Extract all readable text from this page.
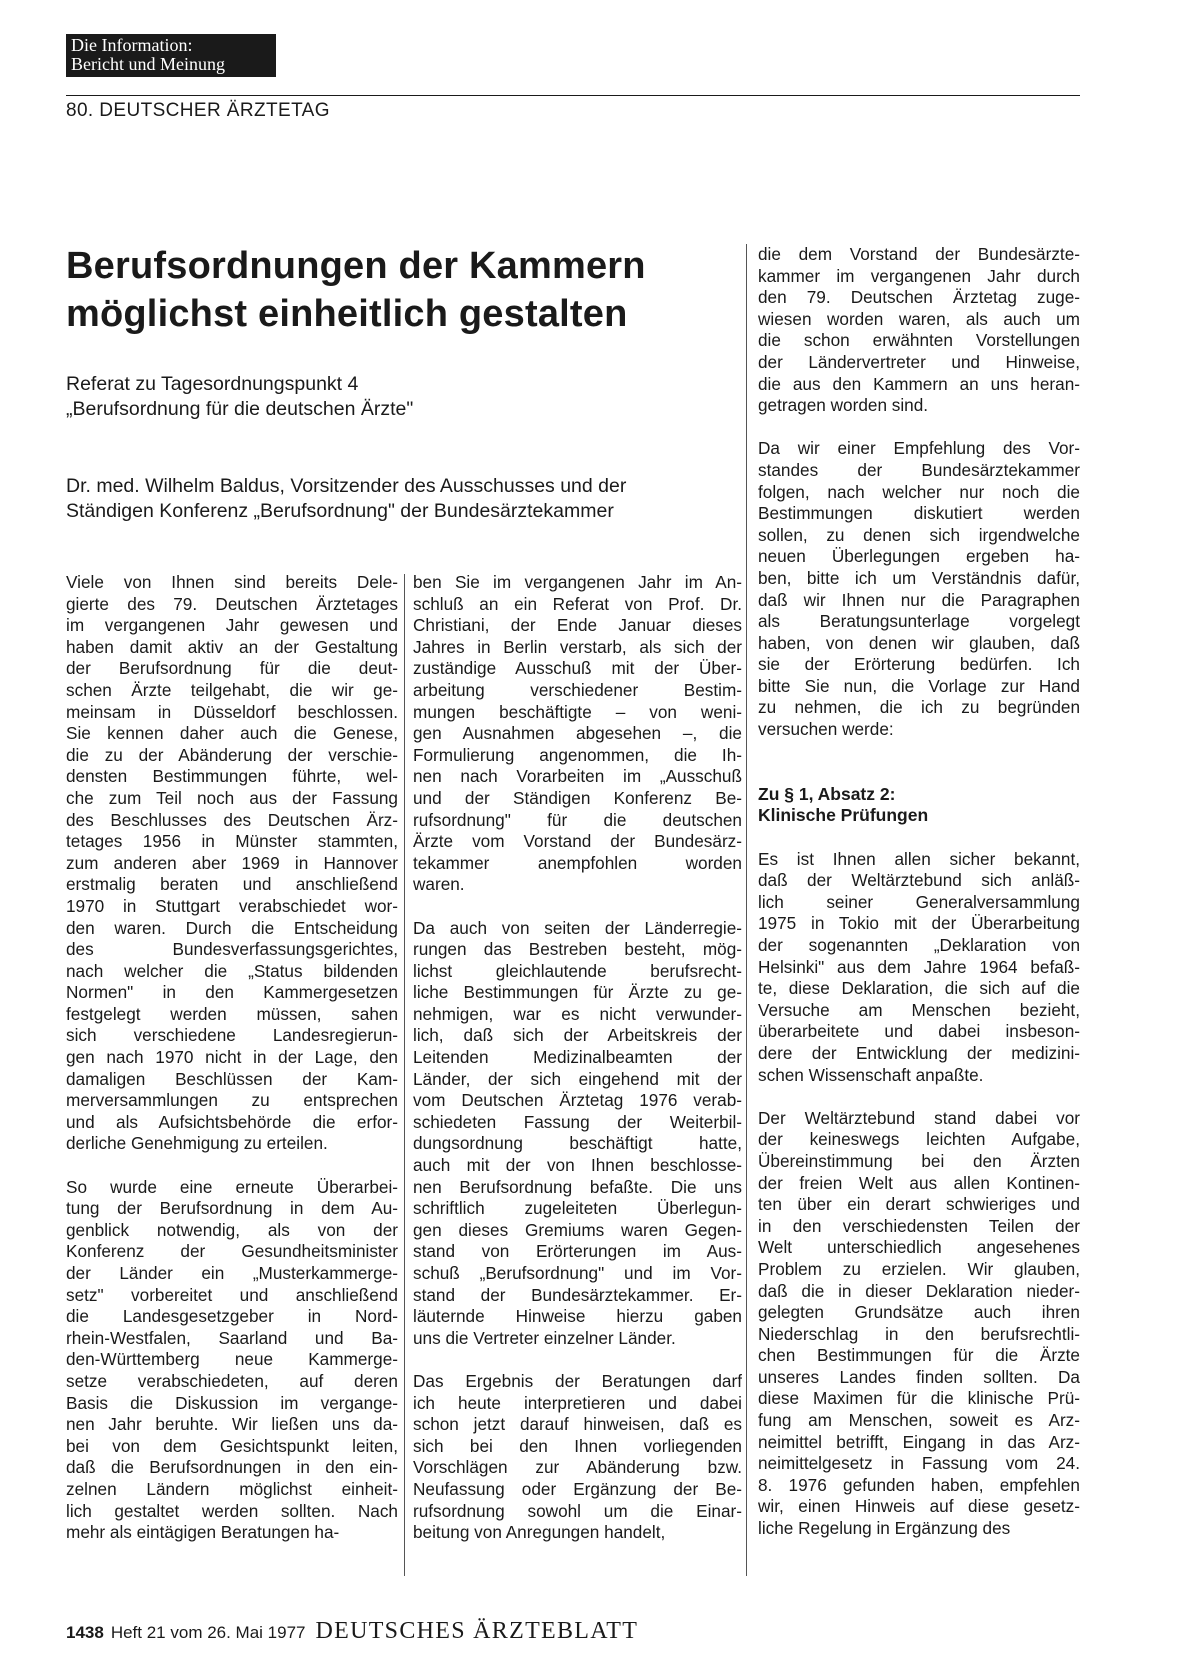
Die Information:
Bericht und Meinung
80. DEUTSCHER ÄRZTETAG
Berufsordnungen der Kammern
möglichst einheitlich gestalten
Referat zu Tagesordnungspunkt 4
„Berufsordnung für die deutschen Ärzte"
Dr. med. Wilhelm Baldus, Vorsitzender des Ausschusses und der
Ständigen Konferenz „Berufsordnung" der Bundesärztekammer
Viele von Ihnen sind bereits Dele-
gierte des 79. Deutschen Ärztetages
im vergangenen Jahr gewesen und
haben damit aktiv an der Gestaltung
der Berufsordnung für die deut-
schen Ärzte teilgehabt, die wir ge-
meinsam in Düsseldorf beschlossen.
Sie kennen daher auch die Genese,
die zu der Abänderung der verschie-
densten Bestimmungen führte, wel-
che zum Teil noch aus der Fassung
des Beschlusses des Deutschen Ärz-
tetages 1956 in Münster stammten,
zum anderen aber 1969 in Hannover
erstmalig beraten und anschließend
1970 in Stuttgart verabschiedet wor-
den waren. Durch die Entscheidung
des Bundesverfassungsgerichtes,
nach welcher die „Status bildenden
Normen" in den Kammergesetzen
festgelegt werden müssen, sahen
sich verschiedene Landesregierun-
gen nach 1970 nicht in der Lage, den
damaligen Beschlüssen der Kam-
merversammlungen zu entsprechen
und als Aufsichtsbehörde die erfor-
derliche Genehmigung zu erteilen.
So wurde eine erneute Überarbei-
tung der Berufsordnung in dem Au-
genblick notwendig, als von der
Konferenz der Gesundheitsminister
der Länder ein „Musterkammerge-
setz" vorbereitet und anschließend
die Landesgesetzgeber in Nord-
rhein-Westfalen, Saarland und Ba-
den-Württemberg neue Kammerge-
setze verabschiedeten, auf deren
Basis die Diskussion im vergange-
nen Jahr beruhte. Wir ließen uns da-
bei von dem Gesichtspunkt leiten,
daß die Berufsordnungen in den ein-
zelnen Ländern möglichst einheit-
lich gestaltet werden sollten. Nach
mehr als eintägigen Beratungen ha-
ben Sie im vergangenen Jahr im An-
schluß an ein Referat von Prof. Dr.
Christiani, der Ende Januar dieses
Jahres in Berlin verstarb, als sich der
zuständige Ausschuß mit der Über-
arbeitung verschiedener Bestim-
mungen beschäftigte – von weni-
gen Ausnahmen abgesehen –, die
Formulierung angenommen, die Ih-
nen nach Vorarbeiten im „Ausschuß
und der Ständigen Konferenz Be-
rufsordnung" für die deutschen
Ärzte vom Vorstand der Bundesärz-
tekammer anempfohlen worden
waren.
Da auch von seiten der Länderregie-
rungen das Bestreben besteht, mög-
lichst gleichlautende berufsrecht-
liche Bestimmungen für Ärzte zu ge-
nehmigen, war es nicht verwunder-
lich, daß sich der Arbeitskreis der
Leitenden Medizinalbeamten der
Länder, der sich eingehend mit der
vom Deutschen Ärztetag 1976 verab-
schiedeten Fassung der Weiterbil-
dungsordnung beschäftigt hatte,
auch mit der von Ihnen beschlosse-
nen Berufsordnung befaßte. Die uns
schriftlich zugeleiteten Überlegun-
gen dieses Gremiums waren Gegen-
stand von Erörterungen im Aus-
schuß „Berufsordnung" und im Vor-
stand der Bundesärztekammer. Er-
läuternde Hinweise hierzu gaben
uns die Vertreter einzelner Länder.
Das Ergebnis der Beratungen darf
ich heute interpretieren und dabei
schon jetzt darauf hinweisen, daß es
sich bei den Ihnen vorliegenden
Vorschlägen zur Abänderung bzw.
Neufassung oder Ergänzung der Be-
rufsordnung sowohl um die Einar-
beitung von Anregungen handelt,
die dem Vorstand der Bundesärzte-
kammer im vergangenen Jahr durch
den 79. Deutschen Ärztetag zuge-
wiesen worden waren, als auch um
die schon erwähnten Vorstellungen
der Ländervertreter und Hinweise,
die aus den Kammern an uns heran-
getragen worden sind.
Da wir einer Empfehlung des Vor-
standes der Bundesärztekammer
folgen, nach welcher nur noch die
Bestimmungen diskutiert werden
sollen, zu denen sich irgendwelche
neuen Überlegungen ergeben ha-
ben, bitte ich um Verständnis dafür,
daß wir Ihnen nur die Paragraphen
als Beratungsunterlage vorgelegt
haben, von denen wir glauben, daß
sie der Erörterung bedürfen. Ich
bitte Sie nun, die Vorlage zur Hand
zu nehmen, die ich zu begründen
versuchen werde:
Zu § 1, Absatz 2:
Klinische Prüfungen
Es ist Ihnen allen sicher bekannt,
daß der Weltärztebund sich anläß-
lich seiner Generalversammlung
1975 in Tokio mit der Überarbeitung
der sogenannten „Deklaration von
Helsinki" aus dem Jahre 1964 befaß-
te, diese Deklaration, die sich auf die
Versuche am Menschen bezieht,
überarbeitete und dabei insbeson-
dere der Entwicklung der medizini-
schen Wissenschaft anpaßte.
Der Weltärztebund stand dabei vor
der keineswegs leichten Aufgabe,
Übereinstimmung bei den Ärzten
der freien Welt aus allen Kontinen-
ten über ein derart schwieriges und
in den verschiedensten Teilen der
Welt unterschiedlich angesehenes
Problem zu erzielen. Wir glauben,
daß die in dieser Deklaration nieder-
gelegten Grundsätze auch ihren
Niederschlag in den berufsrechtli-
chen Bestimmungen für die Ärzte
unseres Landes finden sollten. Da
diese Maximen für die klinische Prü-
fung am Menschen, soweit es Arz-
neimittel betrifft, Eingang in das Arz-
neimittelgesetz in Fassung vom 24.
8. 1976 gefunden haben, empfehlen
wir, einen Hinweis auf diese gesetz-
liche Regelung in Ergänzung des
1438 Heft 21 vom 26. Mai 1977 DEUTSCHES ÄRZTEBLATT
